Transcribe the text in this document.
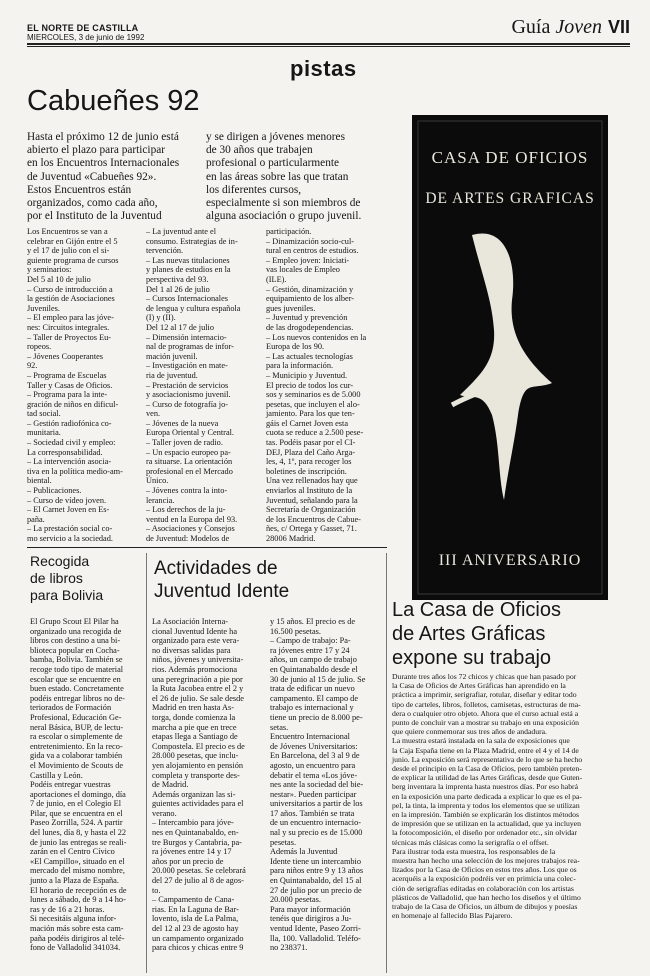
EL NORTE DE CASTILLA
MIERCOLES, 3 de junio de 1992	Guía Joven VII
pistas
Cabueñes 92
Hasta el próximo 12 de junio está
abierto el plazo para participar
en los Encuentros Internacionales
de Juventud «Cabueñes 92».
Estos Encuentros están
organizados, como cada año,
por el Instituto de la Juventud
y se dirigen a jóvenes menores
de 30 años que trabajen
profesional o particularmente
en las áreas sobre las que tratan
los diferentes cursos,
especialmente si son miembros de
alguna asociación o grupo juvenil.
Los Encuentros se van a
celebrar en Gijón entre el 5
y el 17 de julio con el si-
guiente programa de cursos
y seminarios:
Del 5 al 10 de julio
– Curso de introducción a
la gestión de Asociaciones
Juveniles.
– El empleo para las jóve-
nes: Circuitos integrales.
– Taller de Proyectos Eu-
ropeos.
– Jóvenes Cooperantes
92.
– Programa de Escuelas
Taller y Casas de Oficios.
– Programa para la inte-
gración de niños en dificul-
tad social.
– Gestión radiofónica co-
munitaria.
– Sociedad civil y empleo:
La corresponsabilidad.
– La intervención asocia-
tiva en la política medio-am-
biental.
– Publicaciones.
– Curso de vídeo joven.
– El Carnet Joven en Es-
paña.
– La prestación social co-
mo servicio a la sociedad.
– La juventud ante el
consumo. Estrategias de in-
tervención.
– Las nuevas titulaciones
y planes de estudios en la
perspectiva del 93.
Del 1 al 26 de julio
– Cursos Internacionales
de lengua y cultura española
(I) y (II).
Del 12 al 17 de julio
– Dimensión internacio-
nal de programas de infor-
mación juvenil.
– Investigación en mate-
ria de juventud.
– Prestación de servicios
y asociacionismo juvenil.
– Curso de fotografía jo-
ven.
– Jóvenes de la nueva
Europa Oriental y Central.
– Taller joven de radio.
– Un espacio europeo pa-
ra situarse. La orientación
profesional en el Mercado
Único.
– Jóvenes contra la into-
lerancia.
– Los derechos de la ju-
ventud en la Europa del 93.
– Asociaciones y Consejos
de Juventud: Modelos de
participación.
– Dinamización socio-cul-
tural en centros de estudios.
– Empleo joven: Iniciati-
vas locales de Empleo
(ILE).
– Gestión, dinamización y
equipamiento de los alber-
gues juveniles.
– Juventud y prevención
de las drogodependencias.
– Los nuevos contenidos en la
Europa de los 90.
– Las actuales tecnologías
para la información.
– Municipio y Juventud.
El precio de todos los cur-
sos y seminarios es de 5.000
pesetas, que incluyen el alo-
jamiento. Para los que ten-
gáis el Carnet Joven esta
cuota se reduce a 2.500 pese-
tas. Podéis pasar por el CI-
DEJ, Plaza del Caño Arga-
les, 4, 1º, para recoger los
boletines de inscripción.
Una vez rellenados hay que
enviarlos al Instituto de la
Juventud, señalando para la
Secretaría de Organización
de los Encuentros de Cabue-
ñes, c/ Ortega y Gasset, 71.
28006 Madrid.
CASA DE OFICIOS
DE ARTES GRAFICAS
III ANIVERSARIO
Recogida
de libros
para Bolivia
El Grupo Scout El Pilar ha
organizado una recogida de
libros con destino a una bi-
blioteca popular en Cocha-
bamba, Bolivia. También se
recoge todo tipo de material
escolar que se encuentre en
buen estado. Concretamente
podéis entregar libros no de-
teriorados de Formación
Profesional, Educación Ge-
neral Básica, BUP, de lectu-
ra escolar o simplemente de
entretenimiento. En la reco-
gida va a colaborar también
el Movimiento de Scouts de
Castilla y León.
Podéis entregar vuestras
aportaciones el domingo, día
7 de junio, en el Colegio El
Pilar, que se encuentra en el
Paseo Zorrilla, 524. A partir
del lunes, día 8, y hasta el 22
de junio las entregas se reali-
zarán en el Centro Cívico
«El Campillo», situado en el
mercado del mismo nombre,
junto a la Plaza de España.
El horario de recepción es de
lunes a sábado, de 9 a 14 ho-
ras y de 16 a 21 horas.
Si necesitáis alguna infor-
mación más sobre esta cam-
paña podéis dirigiros al telé-
fono de Valladolid 341034.
Actividades de
Juventud Idente
La Asociación Interna-
cional Juventud Idente ha
organizado para este vera-
no diversas salidas para
niños, jóvenes y universita-
rios. Además promociona
una peregrinación a pie por
la Ruta Jacobea entre el 2 y
el 26 de julio. Se sale desde
Madrid en tren hasta As-
torga, donde comienza la
marcha a pie que en trece
etapas llega a Santiago de
Compostela. El precio es de
28.000 pesetas, que inclu-
yen alojamiento en pensión
completa y transporte des-
de Madrid.
Además organizan las si-
guientes actividades para el
verano.
– Intercambio para jóve-
nes en Quintanabaldo, en-
tre Burgos y Cantabria, pa-
ra jóvenes entre 14 y 17
años por un precio de
20.000 pesetas. Se celebrará
del 27 de julio al 8 de agos-
to.
– Campamento de Cana-
rias. En la Laguna de Bar-
lovento, isla de La Palma,
del 12 al 23 de agosto hay
un campamento organizado
para chicos y chicas entre 9
y 15 años. El precio es de
16.500 pesetas.
– Campo de trabajo: Pa-
ra jóvenes entre 17 y 24
años, un campo de trabajo
en Quintanabaldo desde el
30 de junio al 15 de julio. Se
trata de edificar un nuevo
campamento. El campo de
trabajo es internacional y
tiene un precio de 8.000 pe-
setas.
Encuentro Internacional
de Jóvenes Universitarios:
En Barcelona, del 3 al 9 de
agosto, un encuentro para
debatir el tema «Los jóve-
nes ante la sociedad del bie-
nestar». Pueden participar
universitarios a partir de los
17 años. También se trata
de un encuentro internacio-
nal y su precio es de 15.000
pesetas.
Además la Juventud
Idente tiene un intercambio
para niños entre 9 y 13 años
en Quintanabaldo, del 15 al
27 de julio por un precio de
20.000 pesetas.
Para mayor información
tenéis que dirigiros a Ju-
ventud Idente, Paseo Zorri-
lla, 100. Valladolid. Teléfo-
no 238371.
La Casa de Oficios
de Artes Gráficas
expone su trabajo
Durante tres años los 72 chicos y chicas que han pasado por
la Casa de Oficios de Artes Gráficas han aprendido en la
práctica a imprimir, serigrafiar, rotular, diseñar y editar todo
tipo de carteles, libros, folletos, camisetas, estructuras de ma-
dera o cualquier otro objeto. Ahora que el curso actual está a
punto de concluir van a mostrar su trabajo en una exposición
que quiere conmemorar sus tres años de andadura.
La muestra estará instalada en la sala de exposiciones que
la Caja España tiene en la Plaza Madrid, entre el 4 y el 14 de
junio. La exposición será representativa de lo que se ha hecho
desde el principio en la Casa de Oficios, pero también preten-
de explicar la utilidad de las Artes Gráficas, desde que Guten-
berg inventara la imprenta hasta nuestros días. Por eso habrá
en la exposición una parte dedicada a explicar lo que es el pa-
pel, la tinta, la imprenta y todos los elementos que se utilizan
en la impresión. También se explicarán los distintos métodos
de impresión que se utilizan en la actualidad, que ya incluyen
la fotocomposición, el diseño por ordenador etc., sin olvidar
técnicas más clásicas como la serigrafía o el offset.
Para ilustrar toda esta muestra, los responsables de la
muestra han hecho una selección de los mejores trabajos rea-
lizados por la Casa de Oficios en estos tres años. Los que os
acerquéis a la exposición podréis ver en primicia una colec-
ción de serigrafías editadas en colaboración con los artistas
plásticos de Valladolid, que han hecho los diseños y el último
trabajo de la Casa de Oficios, un álbum de dibujos y poesías
en homenaje al fallecido Blas Pajarero.
